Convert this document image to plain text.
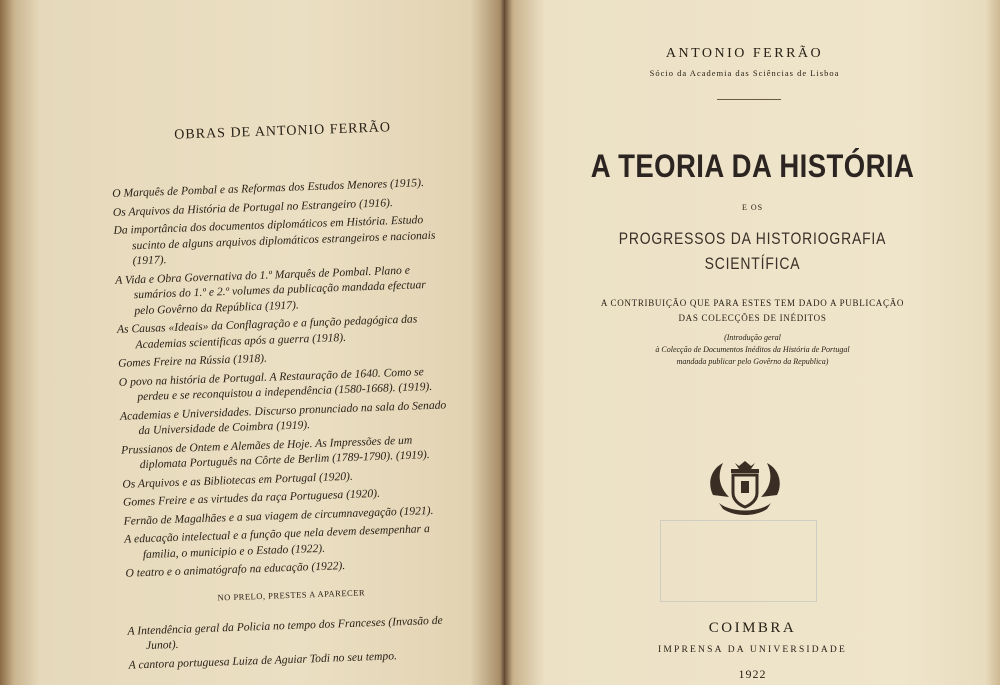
OBRAS DE ANTONIO FERRÃO
O Marquês de Pombal e as Reformas dos Estudos Menores (1915).
Os Arquivos da História de Portugal no Estrangeiro (1916).
Da importância dos documentos diplomáticos em História. Estudo sucinto de alguns arquivos diplomáticos estrangeiros e nacionais (1917).
A Vida e Obra Governativa do 1.º Marquês de Pombal. Plano e sumários do 1.º e 2.º volumes da publicação mandada efectuar pelo Govêrno da República (1917).
As Causas «Ideais» da Conflagração e a função pedagógica das Academias scientificas após a guerra (1918).
Gomes Freire na Rússia (1918).
O povo na história de Portugal. A Restauração de 1640. Como se perdeu e se reconquistou a independência (1580-1668). (1919).
Academias e Universidades. Discurso pronunciado na sala do Senado da Universidade de Coimbra (1919).
Prussianos de Ontem e Alemães de Hoje. As Impressões de um diplomata Português na Côrte de Berlim (1789-1790). (1919).
Os Arquivos e as Bibliotecas em Portugal (1920).
Gomes Freire e as virtudes da raça Portuguesa (1920).
Fernão de Magalhães e a sua viagem de circumnavegação (1921).
A educação intelectual e a função que nela devem desempenhar a familia, o municipio e o Estado (1922).
O teatro e o animatógrafo na educação (1922).
NO PRELO, PRESTES A APARECER
A Intendência geral da Policia no tempo dos Franceses (Invasão de Junot).
A cantora portuguesa Luiza de Aguiar Todi no seu tempo.
ANTONIO FERRÃO
Sócio da Academia das Sciências de Lisboa
A TEORIA DA HISTÓRIA
E OS
PROGRESSOS DA HISTORIOGRAFIA
SCIENTÍFICA
A CONTRIBUIÇÃO QUE PARA ESTES TEM DADO A PUBLICAÇÃO
DAS COLECÇÕES DE INÉDITOS
(Introdução geral
à Colecção de Documentos Inéditos da História de Portugal
mandada publicar pelo Govêrno da Republica)
COIMBRA
IMPRENSA DA UNIVERSIDADE
1922
